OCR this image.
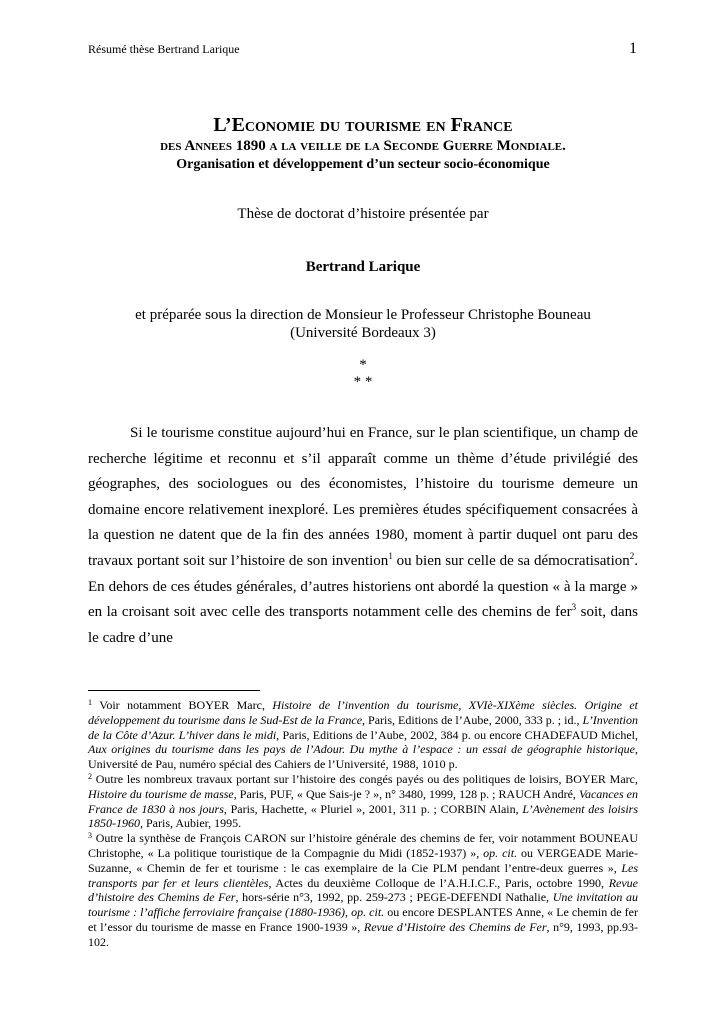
Résumé thèse Bertrand Larique	1

L’Economie du tourisme en France

des Annees 1890 a la veille de la Seconde Guerre Mondiale.

Organisation et développement d’un secteur socio-économique

Thèse de doctorat d’histoire présentée par
Bertrand Larique
et préparée sous la direction de Monsieur le Professeur Christophe Bouneau
(Université Bordeaux 3)
*
* *

Si le tourisme constitue aujourd’hui en France, sur le plan scientifique, un champ de recherche légitime et reconnu et s’il apparaît comme un thème d’étude privilégié des géographes, des sociologues ou des économistes, l’histoire du tourisme demeure un domaine encore relativement inexploré. Les premières études spécifiquement consacrées à la question ne datent que de la fin des années 1980, moment à partir duquel ont paru des travaux portant soit sur l’histoire de son invention$^1$ ou bien sur celle de sa démocratisation$^2$. En dehors de ces études générales, d’autres historiens ont abordé la question « à la marge » en la croisant soit avec celle des transports notamment celle des chemins de fer$^3$ soit, dans le cadre d’une

$^1$ Voir notamment BOYER Marc, Histoire de l’invention du tourisme, XVIè-XIXème siècles. Origine et développement du tourisme dans le Sud-Est de la France, Paris, Editions de l’Aube, 2000, 333 p. ; id., L’Invention de la Côte d’Azur. L’hiver dans le midi, Paris, Editions de l’Aube, 2002, 384 p. ou encore CHADEFAUD Michel, Aux origines du tourisme dans les pays de l’Adour. Du mythe à l’espace : un essai de géographie historique, Université de Pau, numéro spécial des Cahiers de l’Université, 1988, 1010 p.

$^2$ Outre les nombreux travaux portant sur l’histoire des congés payés ou des politiques de loisirs, BOYER Marc, Histoire du tourisme de masse, Paris, PUF, « Que Sais-je ? », n° 3480, 1999, 128 p. ; RAUCH André, Vacances en France de 1830 à nos jours, Paris, Hachette, « Pluriel », 2001, 311 p. ; CORBIN Alain, L’Avènement des loisirs 1850-1960, Paris, Aubier, 1995.

$^3$ Outre la synthèse de François CARON sur l’histoire générale des chemins de fer, voir notamment BOUNEAU Christophe, « La politique touristique de la Compagnie du Midi (1852-1937) », op. cit. ou VERGEADE Marie-Suzanne, « Chemin de fer et tourisme : le cas exemplaire de la Cie PLM pendant l’entre-deux guerres », Les transports par fer et leurs clientèles, Actes du deuxième Colloque de l’A.H.I.C.F., Paris, octobre 1990, Revue d’histoire des Chemins de Fer, hors-série n°3, 1992, pp. 259-273 ; PEGE-DEFENDI Nathalie, Une invitation au tourisme : l’affiche ferroviaire française (1880-1936), op. cit. ou encore DESPLANTES Anne, « Le chemin de fer et l’essor du tourisme de masse en France 1900-1939 », Revue d’Histoire des Chemins de Fer, n°9, 1993, pp.93-102.
